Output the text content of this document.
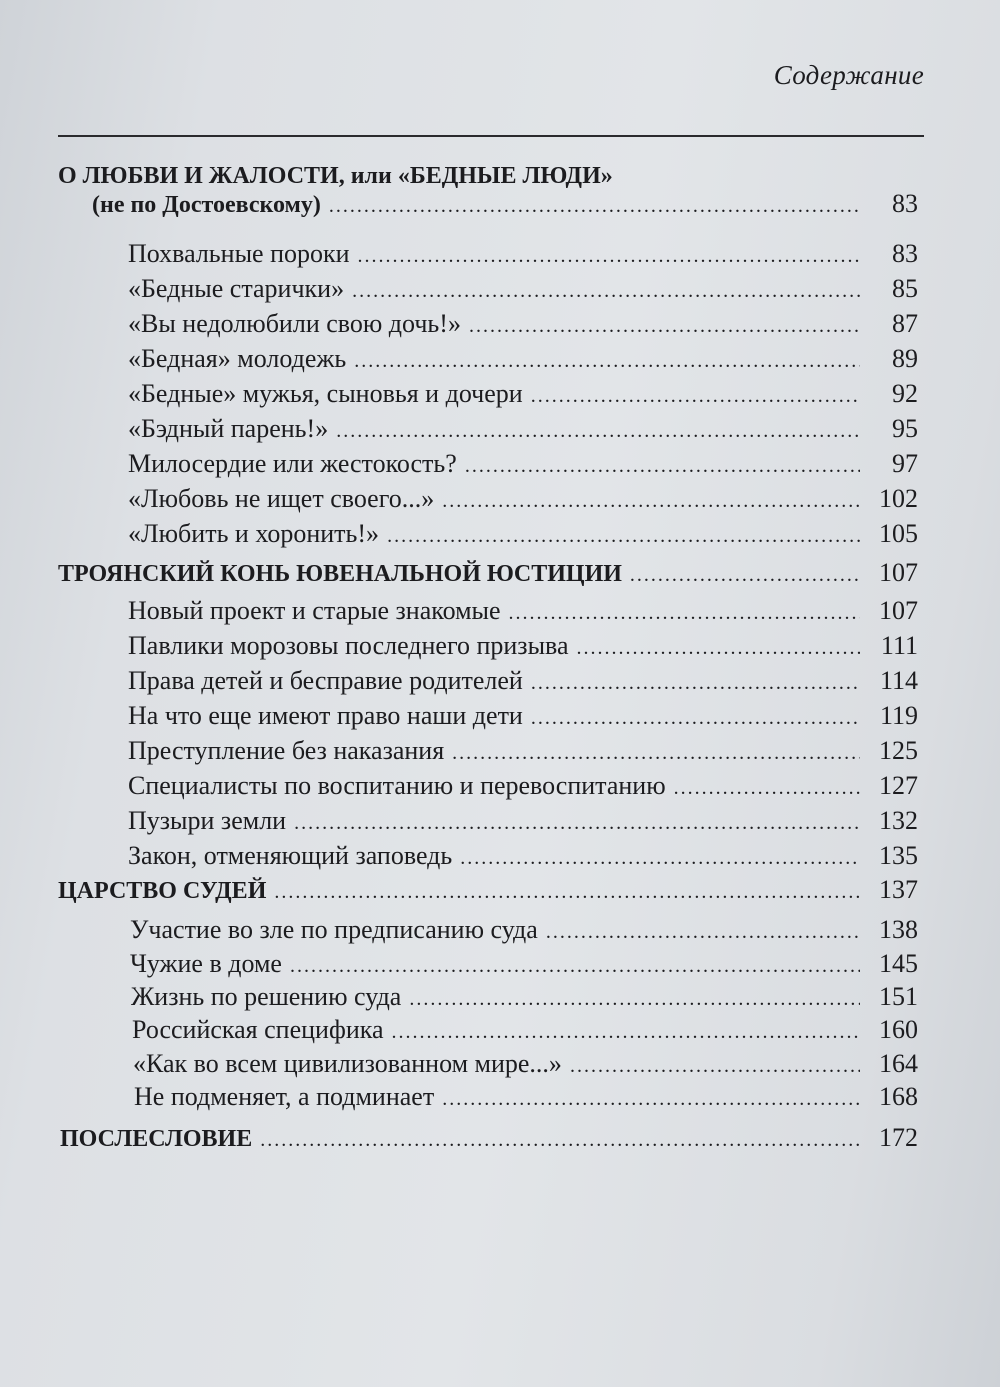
Содержание
О ЛЮБВИ И ЖАЛОСТИ, или «БЕДНЫЕ ЛЮДИ»
(не по Достоевскому) .....	83
Похвальные пороки .....	83
«Бедные старички» .....	85
«Вы недолюбили свою дочь!» .....	87
«Бедная» молодежь .....	89
«Бедные» мужья, сыновья и дочери .....	92
«Бэдный парень!» .....	95
Милосердие или жестокость? .....	97
«Любовь не ищет своего...» .....	102
«Любить и хоронить!» .....	105
ТРОЯНСКИЙ КОНЬ ЮВЕНАЛЬНОЙ ЮСТИЦИИ .....	107
Новый проект и старые знакомые .....	107
Павлики морозовы последнего призыва .....	111
Права детей и бесправие родителей .....	114
На что еще имеют право наши дети .....	119
Преступление без наказания .....	125
Специалисты по воспитанию и перевоспитанию .....	127
Пузыри земли .....	132
Закон, отменяющий заповедь .....	135
ЦАРСТВО СУДЕЙ .....	137
Участие во зле по предписанию суда .....	138
Чужие в доме .....	145
Жизнь по решению суда .....	151
Российская специфика .....	160
«Как во всем цивилизованном мире...» .....	164
Не подменяет, а подминает .....	168
ПОСЛЕСЛОВИЕ .....	172
